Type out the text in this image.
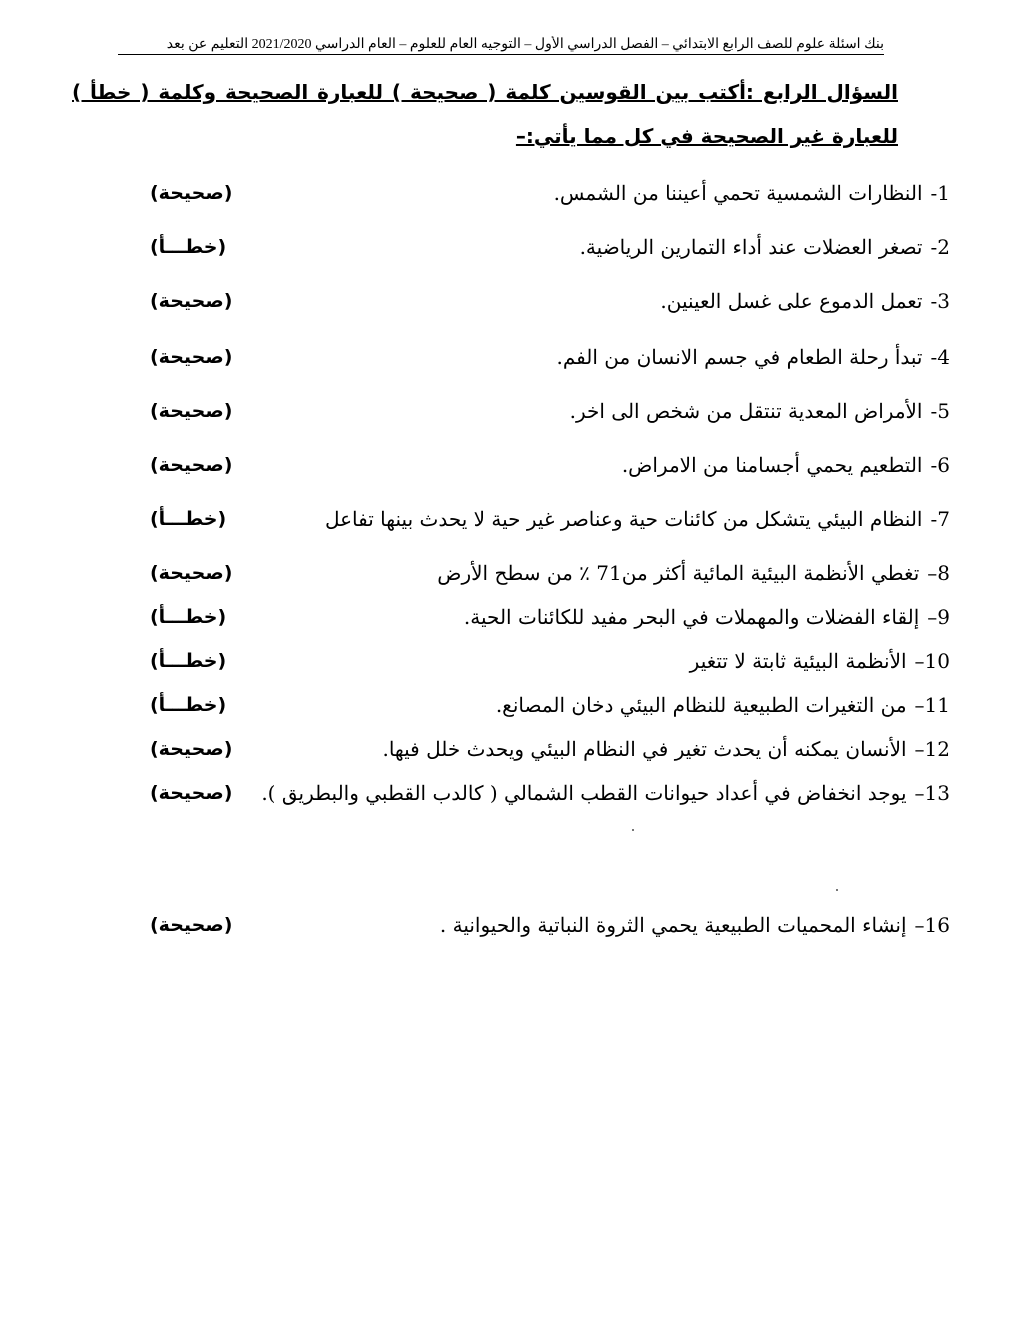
بنك اسئلة علوم للصف الرابع الابتدائي – الفصل الدراسي الأول – التوجيه العام للعلوم – العام الدراسي 2021/2020 التعليم عن بعد
السؤال الرابع :أكتب بين القوسين كلمة ( صحيحة ) للعبارة الصحيحة وكلمة ( خطأ ) للعبارة غير الصحيحة في كل مما يأتي:–
1-النظارات الشمسية تحمي أعيننا من الشمس.
(صحيحة)
2-تصغر العضلات عند أداء التمارين الرياضية.
(خطـــأ)
3-تعمل الدموع على غسل العينين.
(صحيحة)
4-تبدأ رحلة الطعام في جسم الانسان من الفم.
(صحيحة)
5-الأمراض المعدية تنتقل من شخص الى اخر.
(صحيحة)
6-التطعيم يحمي أجسامنا من الامراض.
(صحيحة)
7-النظام البيئي يتشكل من كائنات حية وعناصر غير حية لا يحدث بينها تفاعل
(خطـــأ)
8–تغطي الأنظمة البيئية المائية أكثر من71 ٪ من سطح الأرض
(صحيحة)
9–إلقاء الفضلات والمهملات في البحر مفيد للكائنات الحية.
(خطـــأ)
10–الأنظمة البيئية ثابتة لا تتغير
(خطـــأ)
11–من التغيرات الطبيعية للنظام البيئي دخان المصانع.
(خطـــأ)
12–الأنسان يمكنه أن يحدث تغير في النظام البيئي ويحدث خلل فيها.
(صحيحة)
13–يوجد انخفاض في أعداد حيوانات القطب الشمالي ( كالدب القطبي والبطريق ).
(صحيحة)
16–إنشاء المحميات الطبيعية يحمي الثروة النباتية والحيوانية .
(صحيحة)
